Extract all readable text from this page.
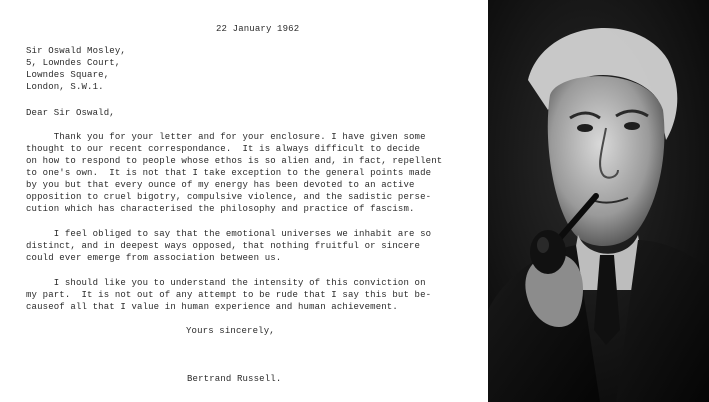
22 January 1962
Sir Oswald Mosley,
5, Lowndes Court,
Lowndes Square,
London, S.W.1.
Dear Sir Oswald,
Thank you for your letter and for your enclosure. I have given some
thought to our recent correspondance.  It is always difficult to decide
on how to respond to people whose ethos is so alien and, in fact, repellent
to one's own.  It is not that I take exception to the general points made
by you but that every ounce of my energy has been devoted to an active
opposition to cruel bigotry, compulsive violence, and the sadistic perse-
cution which has characterised the philosophy and practice of fascism.
I feel obliged to say that the emotional universes we inhabit are so
distinct, and in deepest ways opposed, that nothing fruitful or sincere
could ever emerge from association between us.
I should like you to understand the intensity of this conviction on
my part.  It is not out of any attempt to be rude that I say this but be-
causeof all that I value in human experience and human achievement.
Yours sincerely,
Bertrand Russell.
